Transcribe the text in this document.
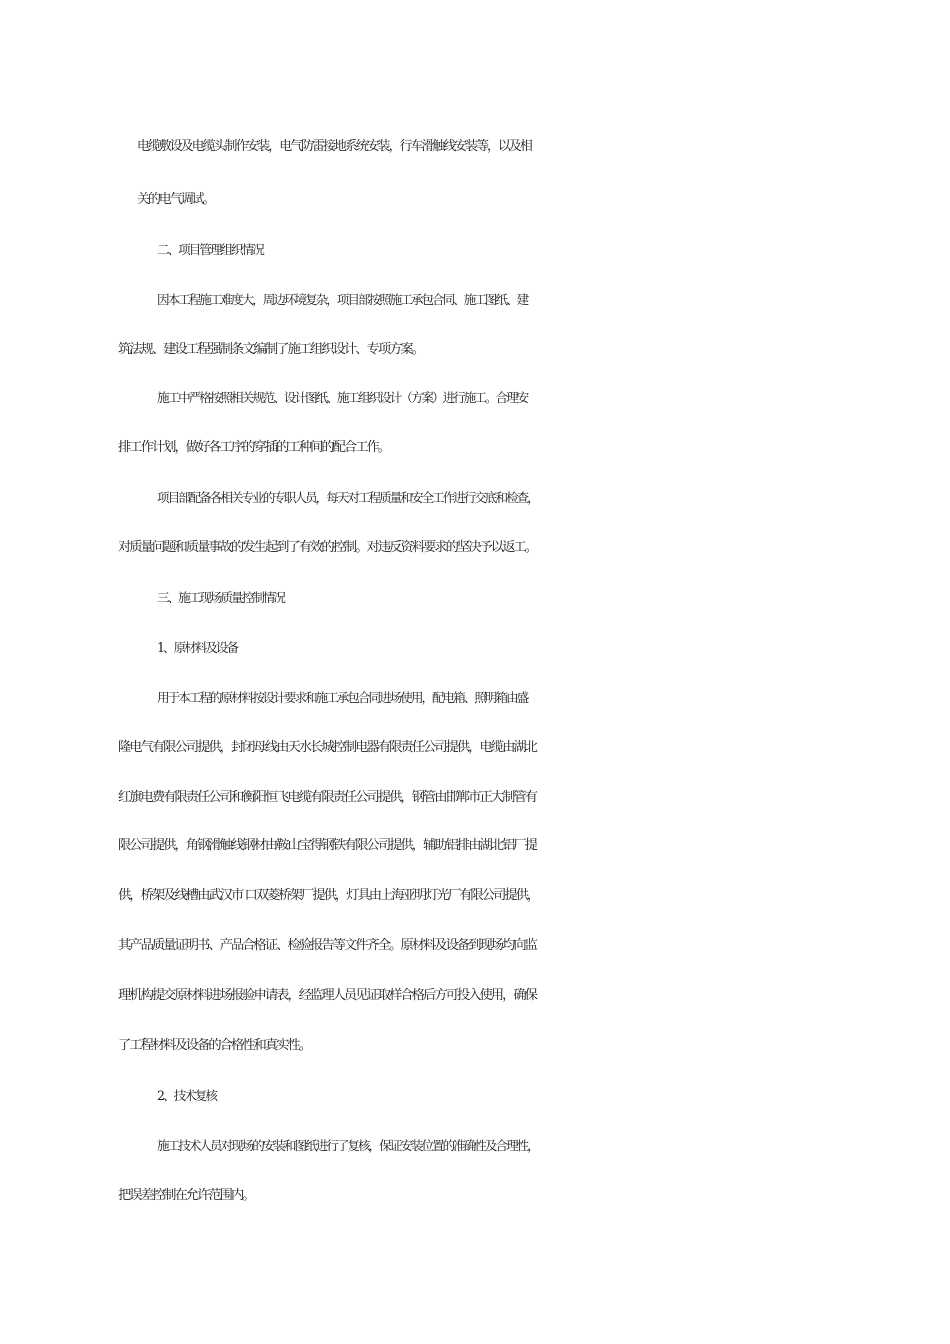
电缆敷设及电缆头制作安装，电气防雷接地系统安装，行车滑触线安装等，以及相
关的电气调试。
二、项目管理组织情况
因本工程施工难度大，周边环境复杂，项目部按照施工承包合同、施工图纸、建
筑法规、建设工程强制条文编制了施工组织设计、专项方案。
施工中严格按照相关规范、设计图纸、施工组织设计（方案）进行施工。合理安
排工作计划，做好各工序的穿插的工种间的配合工作。
项目部配备各相关专业的专职人员，每天对工程质量和安全工作进行交底和检查，
对质量问题和质量事故的发生起到了有效的控制。对违反资料要求的坚决予以返工。
三、施工现场质量控制情况
1、原材料及设备
用于本工程的原材料按设计要求和施工承包合同进场使用，配电箱、照明箱由盛
隆电气有限公司提供，封闭母线由天水长城控制电器有限责任公司提供，电缆由湖北
红旗电费有限责任公司和衡阳恒飞电缆有限责任公司提供，钢管由邯郸市正大制管有
限公司提供，角钢滑触线钢材由鞍山宝得钢铁有限公司提供，辅助铝排由湖北铝厂提
供，桥架及线槽由武汉市 口双菱桥架厂提供，灯具由上海亚明灯光厂有限公司提供，
其产品质量证明书、产品合格证、检验报告等文件齐全。原材料及设备到现场均向监
理机构提交原材料进场报验申请表，经监理人员见证取样合格后方可投入使用，确保
了工程材料及设备的合格性和真实性。
2、技术复核
施工技术人员对现场的安装和图纸进行了复核，保证安装位置的准确性及合理性，
把误差控制在允许范围内。
